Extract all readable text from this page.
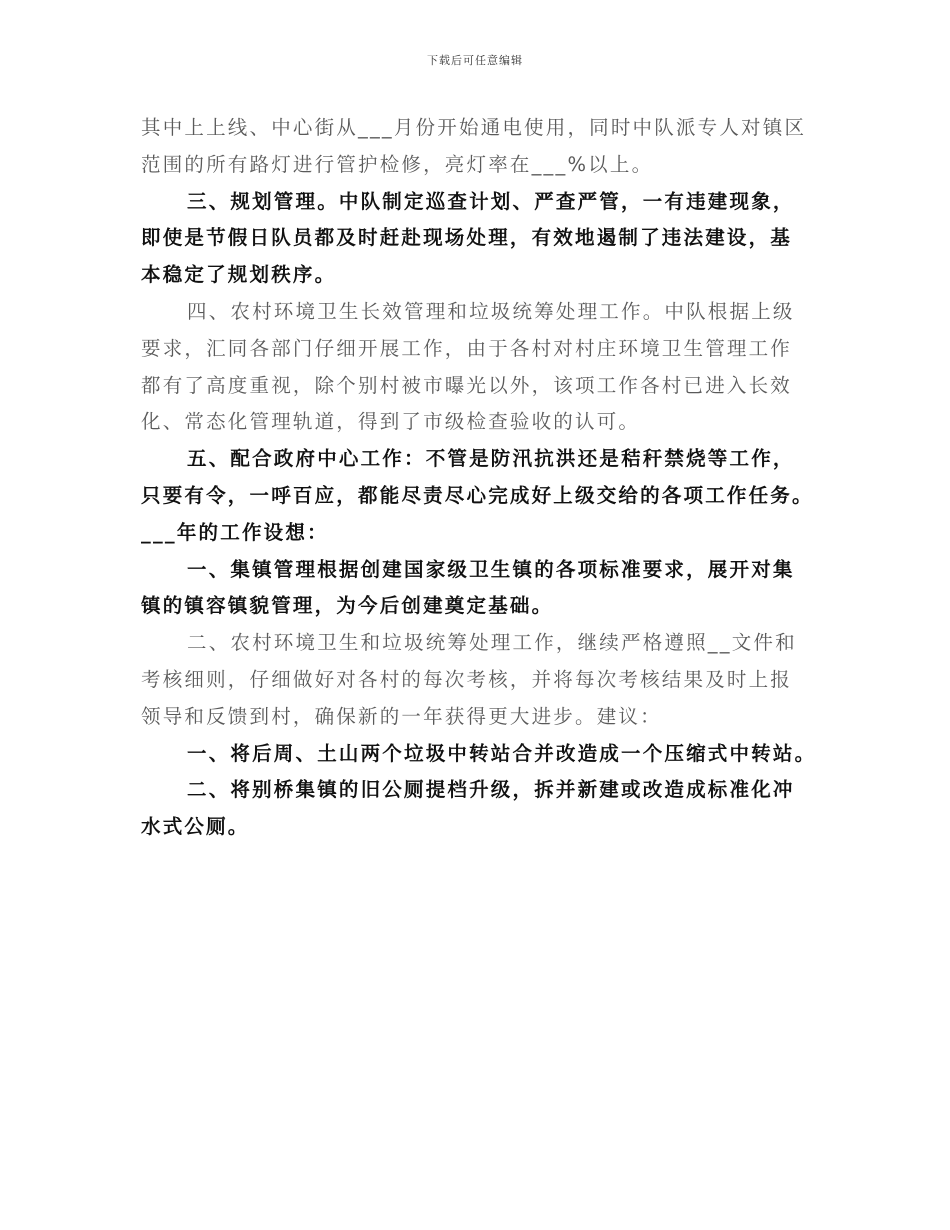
下载后可任意编辑
其中上上线、中心街从___月份开始通电使用，同时中队派专人对镇区
范围的所有路灯进行管护检修，亮灯率在___%以上。
三、规划管理。中队制定巡查计划、严查严管，一有违建现象，
即使是节假日队员都及时赶赴现场处理，有效地遏制了违法建设，基
本稳定了规划秩序。
四、农村环境卫生长效管理和垃圾统筹处理工作。中队根据上级
要求，汇同各部门仔细开展工作，由于各村对村庄环境卫生管理工作
都有了高度重视，除个别村被市曝光以外，该项工作各村已进入长效
化、常态化管理轨道，得到了市级检查验收的认可。
五、配合政府中心工作：不管是防汛抗洪还是秸秆禁烧等工作，
只要有令，一呼百应，都能尽责尽心完成好上级交给的各项工作任务。
___年的工作设想：
一、集镇管理根据创建国家级卫生镇的各项标准要求，展开对集
镇的镇容镇貌管理，为今后创建奠定基础。
二、农村环境卫生和垃圾统筹处理工作，继续严格遵照__文件和
考核细则，仔细做好对各村的每次考核，并将每次考核结果及时上报
领导和反馈到村，确保新的一年获得更大进步。建议：
一、将后周、土山两个垃圾中转站合并改造成一个压缩式中转站。
二、将别桥集镇的旧公厕提档升级，拆并新建或改造成标准化冲
水式公厕。
